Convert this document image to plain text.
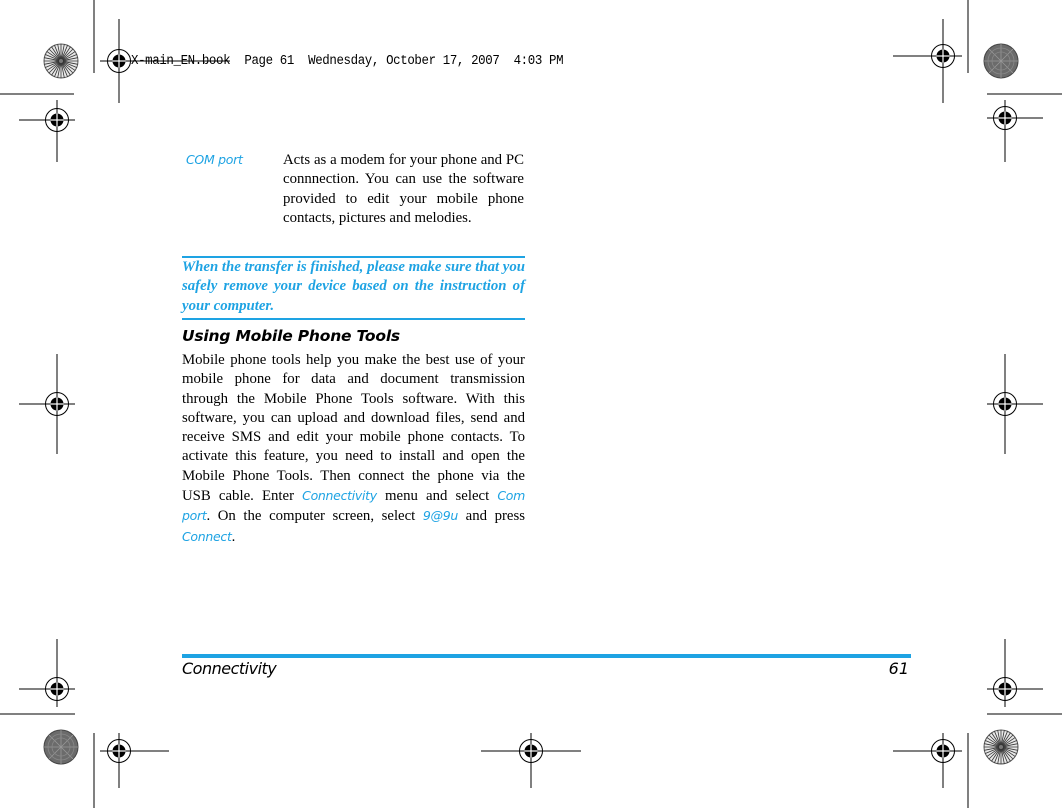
X-main_EN.book  Page 61  Wednesday, October 17, 2007  4:03 PM
COM port	Acts as a modem for your phone and PC connnection. You can use the software provided to edit your mobile phone contacts, pictures and melodies.
When the transfer is finished, please make sure that you safely remove your device based on the instruction of your computer.
Using Mobile Phone Tools
Mobile phone tools help you make the best use of your mobile phone for data and document transmission through the Mobile Phone Tools software. With this software, you can upload and download files, send and receive SMS and edit your mobile phone contacts. To activate this feature, you need to install and open the Mobile Phone Tools. Then connect the phone via the USB cable. Enter Connectivity menu and select Com port. On the computer screen, select 9@9u and press Connect.
Connectivity	61
